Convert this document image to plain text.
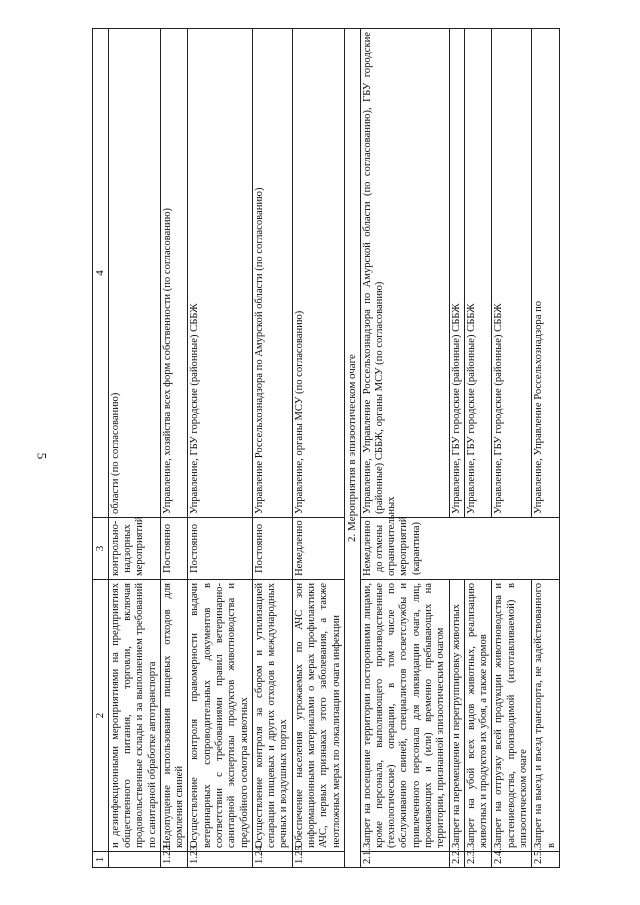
5
1	2	3	4
	и дезинфекционными мероприятиями на предприятиях общественного питания, торговли, включая продовольственные склады и за выполнением требований по санитарной обработке автотранспорта	контрольно-надзорных мероприятий	области (по согласованию)
1.22.	Недопущение использования пищевых отходов для кормления свиней	Постоянно	Управление, хозяйства всех форм собственности (по согласованию)
1.23.	Осуществление контроля правомерности выдачи ветеринарных сопроводительных документов в соответствии с требованиями правил ветеринарно-санитарной экспертизы продуктов животноводства и предубойного осмотра животных	Постоянно	Управление, ГБУ городские (районные) СББЖ
1.24.	Осуществление контроля за сбором и утилизацией сепарации пищевых и других отходов в международных речных и воздушных портах	Постоянно	Управление Россельхознадзора по Амурской области (по согласованию)
1.25.	Обеспечение населения угрожаемых по АЧС зон информационными материалами о мерах профилактики АЧС, первых признаках этого заболевания, а также неотложных мерах по локализации очага инфекции	Немедленно	Управление, органы МСУ (по согласованию)
2. Мероприятия в эпизоотическом очаге			
2.1.	Запрет на посещение территории посторонними лицами, кроме персонала, выполняющего производственные (технологические) операции, в том числе по обслуживанию свиней, специалистов госветслужбы и привлеченного персонала для ликвидации очага, лиц, проживающих и (или) временно пребывающих на территории, признанной эпизоотическим очагом	Немедленно до отмены ограничительных мероприятий (карантина)	Управление, Управление Россельхознадзора по Амурской области (по согласованию), ГБУ городские (районные) СББЖ, органы МСУ (по согласованию)
2.2.	Запрет на перемещение и перегруппировку животных		Управление, ГБУ городские (районные) СББЖ
2.3.	Запрет на убой всех видов животных, реализацию животных и продуктов их убоя, а также кормов		Управление, ГБУ городские (районные) СББЖ
2.4.	Запрет на отгрузку всей продукции животноводства и растениеводства, производимой (изготавливаемой) в эпизоотическом очаге		Управление, ГБУ городские (районные) СББЖ
2.5.	Запрет на выезд и въезд транспорта, не задействованного в		Управление, Управление Россельхознадзора по
